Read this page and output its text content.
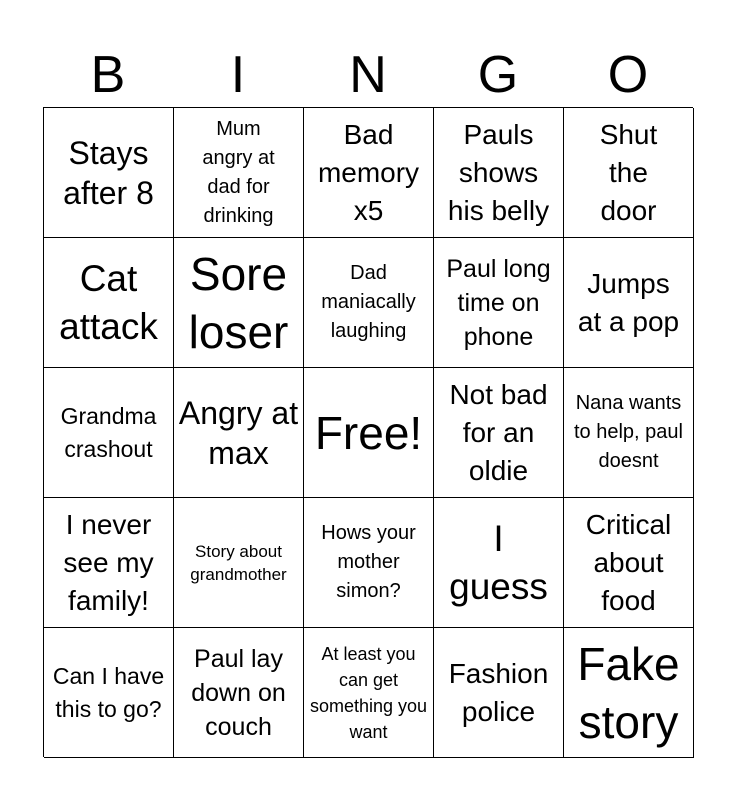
B	I	N	G	O
Stays after 8
Mum angry at dad for drinking
Bad memory x5
Pauls shows his belly
Shut the door
Cat attack
Sore loser
Dad maniacally laughing
Paul long time on phone
Jumps at a pop
Grandma crashout
Angry at max	Free!
Not bad for an oldie
Nana wants to help, paul doesnt
I never see my family!
Story about grandmother
Hows your mother simon?
I guess
Critical about food
Can I have this to go?
Paul lay down on couch
At least you can get something you want
Fashion police
Fake story
